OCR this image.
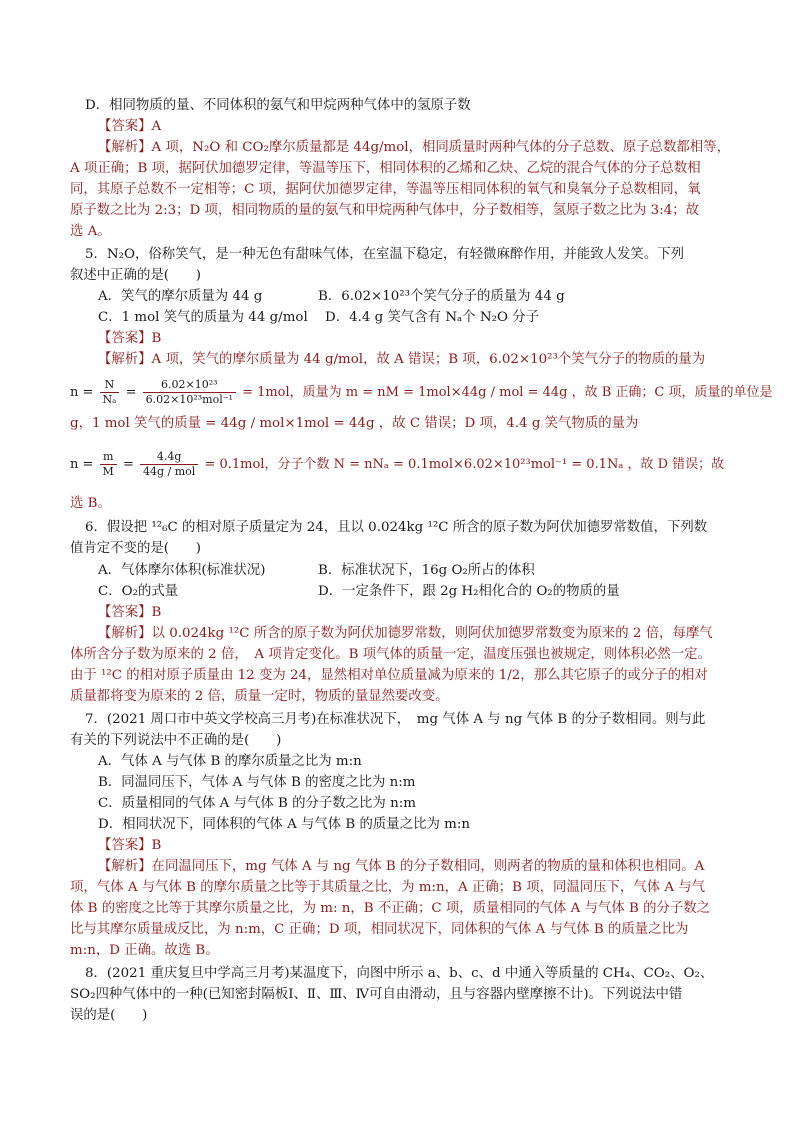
D．相同物质的量、不同体积的氨气和甲烷两种气体中的氢原子数
【答案】A
【解析】A 项，N₂O 和 CO₂摩尔质量都是 44g/mol，相同质量时两种气体的分子总数、原子总数都相等，
A 项正确；B 项，据阿伏加德罗定律，等温等压下，相同体积的乙烯和乙炔、乙烷的混合气体的分子总数相
同，其原子总数不一定相等；C 项，据阿伏加德罗定律，等温等压相同体积的氧气和臭氧分子总数相同，氧
原子数之比为 2:3；D 项，相同物质的量的氨气和甲烷两种气体中，分子数相等，氢原子数之比为 3:4；故
选 A。
5．N₂O，俗称笑气，是一种无色有甜味气体，在室温下稳定，有轻微麻醉作用，并能致人发笑。下列
叙述中正确的是(　　)
A．笑气的摩尔质量为 44 g	B．6.02×10²³个笑气分子的质量为 44 g
C．1 mol 笑气的质量为 44 g/mol D．4.4 g 笑气含有 Nₐ个 N₂O 分子
【答案】B
【解析】A 项，笑气的摩尔质量为 44 g/mol，故 A 错误；B 项，6.02×10²³个笑气分子的物质的量为
$n = \frac{N}{\text{Nₐ}} = \frac{\text{6.02×10²³}}{\text{6.02×10²³mol⁻¹}} = 1mol$，质量为 m = nM = 1mol×44g / mol = 44g ，故 B 正确；C 项，质量的单位是
g，1 mol 笑气的质量 = 44g / mol×1mol = 44g ，故 C 错误；D 项，4.4 g 笑气物质的量为
$n = \frac{m}{M} = \frac{4.4g}{\text{44g / mol}} = 0.1mol$，分子个数 N = nNₐ = 0.1mol×6.02×10²³mol⁻¹ = 0.1Nₐ ，故 D 错误；故
选 B。
6．假设把 ¹²₆C 的相对原子质量定为 24，且以 0.024kg ¹²C 所含的原子数为阿伏加德罗常数值，下列数
值肯定不变的是(　　)
A．气体摩尔体积(标准状况)	B．标准状况下，16g O₂所占的体积
C．O₂的式量	D．一定条件下，跟 2g H₂相化合的 O₂的物质的量
【答案】B
【解析】以 0.024kg ¹²C 所含的原子数为阿伏加德罗常数，则阿伏加德罗常数变为原来的 2 倍，每摩气
体所含分子数为原来的 2 倍，　A 项肯定变化。B 项气体的质量一定，温度压强也被规定，则体积必然一定。
由于 ¹²C 的相对原子质量由 12 变为 24，显然相对单位质量减为原来的 1/2，那么其它原子的或分子的相对
质量都将变为原来的 2 倍，质量一定时，物质的量显然要改变。
7．(2021 周口市中英文学校高三月考)在标准状况下，　mg 气体 A 与 ng 气体 B 的分子数相同。则与此
有关的下列说法中不正确的是(　　)
A．气体 A 与气体 B 的摩尔质量之比为 m:n
B．同温同压下，气体 A 与气体 B 的密度之比为 n:m
C．质量相同的气体 A 与气体 B 的分子数之比为 n:m
D．相同状况下，同体积的气体 A 与气体 B 的质量之比为 m:n
【答案】B
【解析】在同温同压下，mg 气体 A 与 ng 气体 B 的分子数相同，则两者的物质的量和体积也相同。A
项，气体 A 与气体 B 的摩尔质量之比等于其质量之比，为 m:n，A 正确；B 项，同温同压下，气体 A 与气
体 B 的密度之比等于其摩尔质量之比，为 m: n，B 不正确；C 项，质量相同的气体 A 与气体 B 的分子数之
比与其摩尔质量成反比，为 n:m，C 正确；D 项，相同状况下，同体积的气体 A 与气体 B 的质量之比为
m:n，D 正确。故选 B。
8．(2021 重庆复旦中学高三月考)某温度下，向图中所示 a、b、c、d 中通入等质量的 CH₄、CO₂、O₂、
SO₂四种气体中的一种(已知密封隔板Ⅰ、Ⅱ、Ⅲ、Ⅳ可自由滑动，且与容器内壁摩擦不计)。下列说法中错
误的是(　　)
